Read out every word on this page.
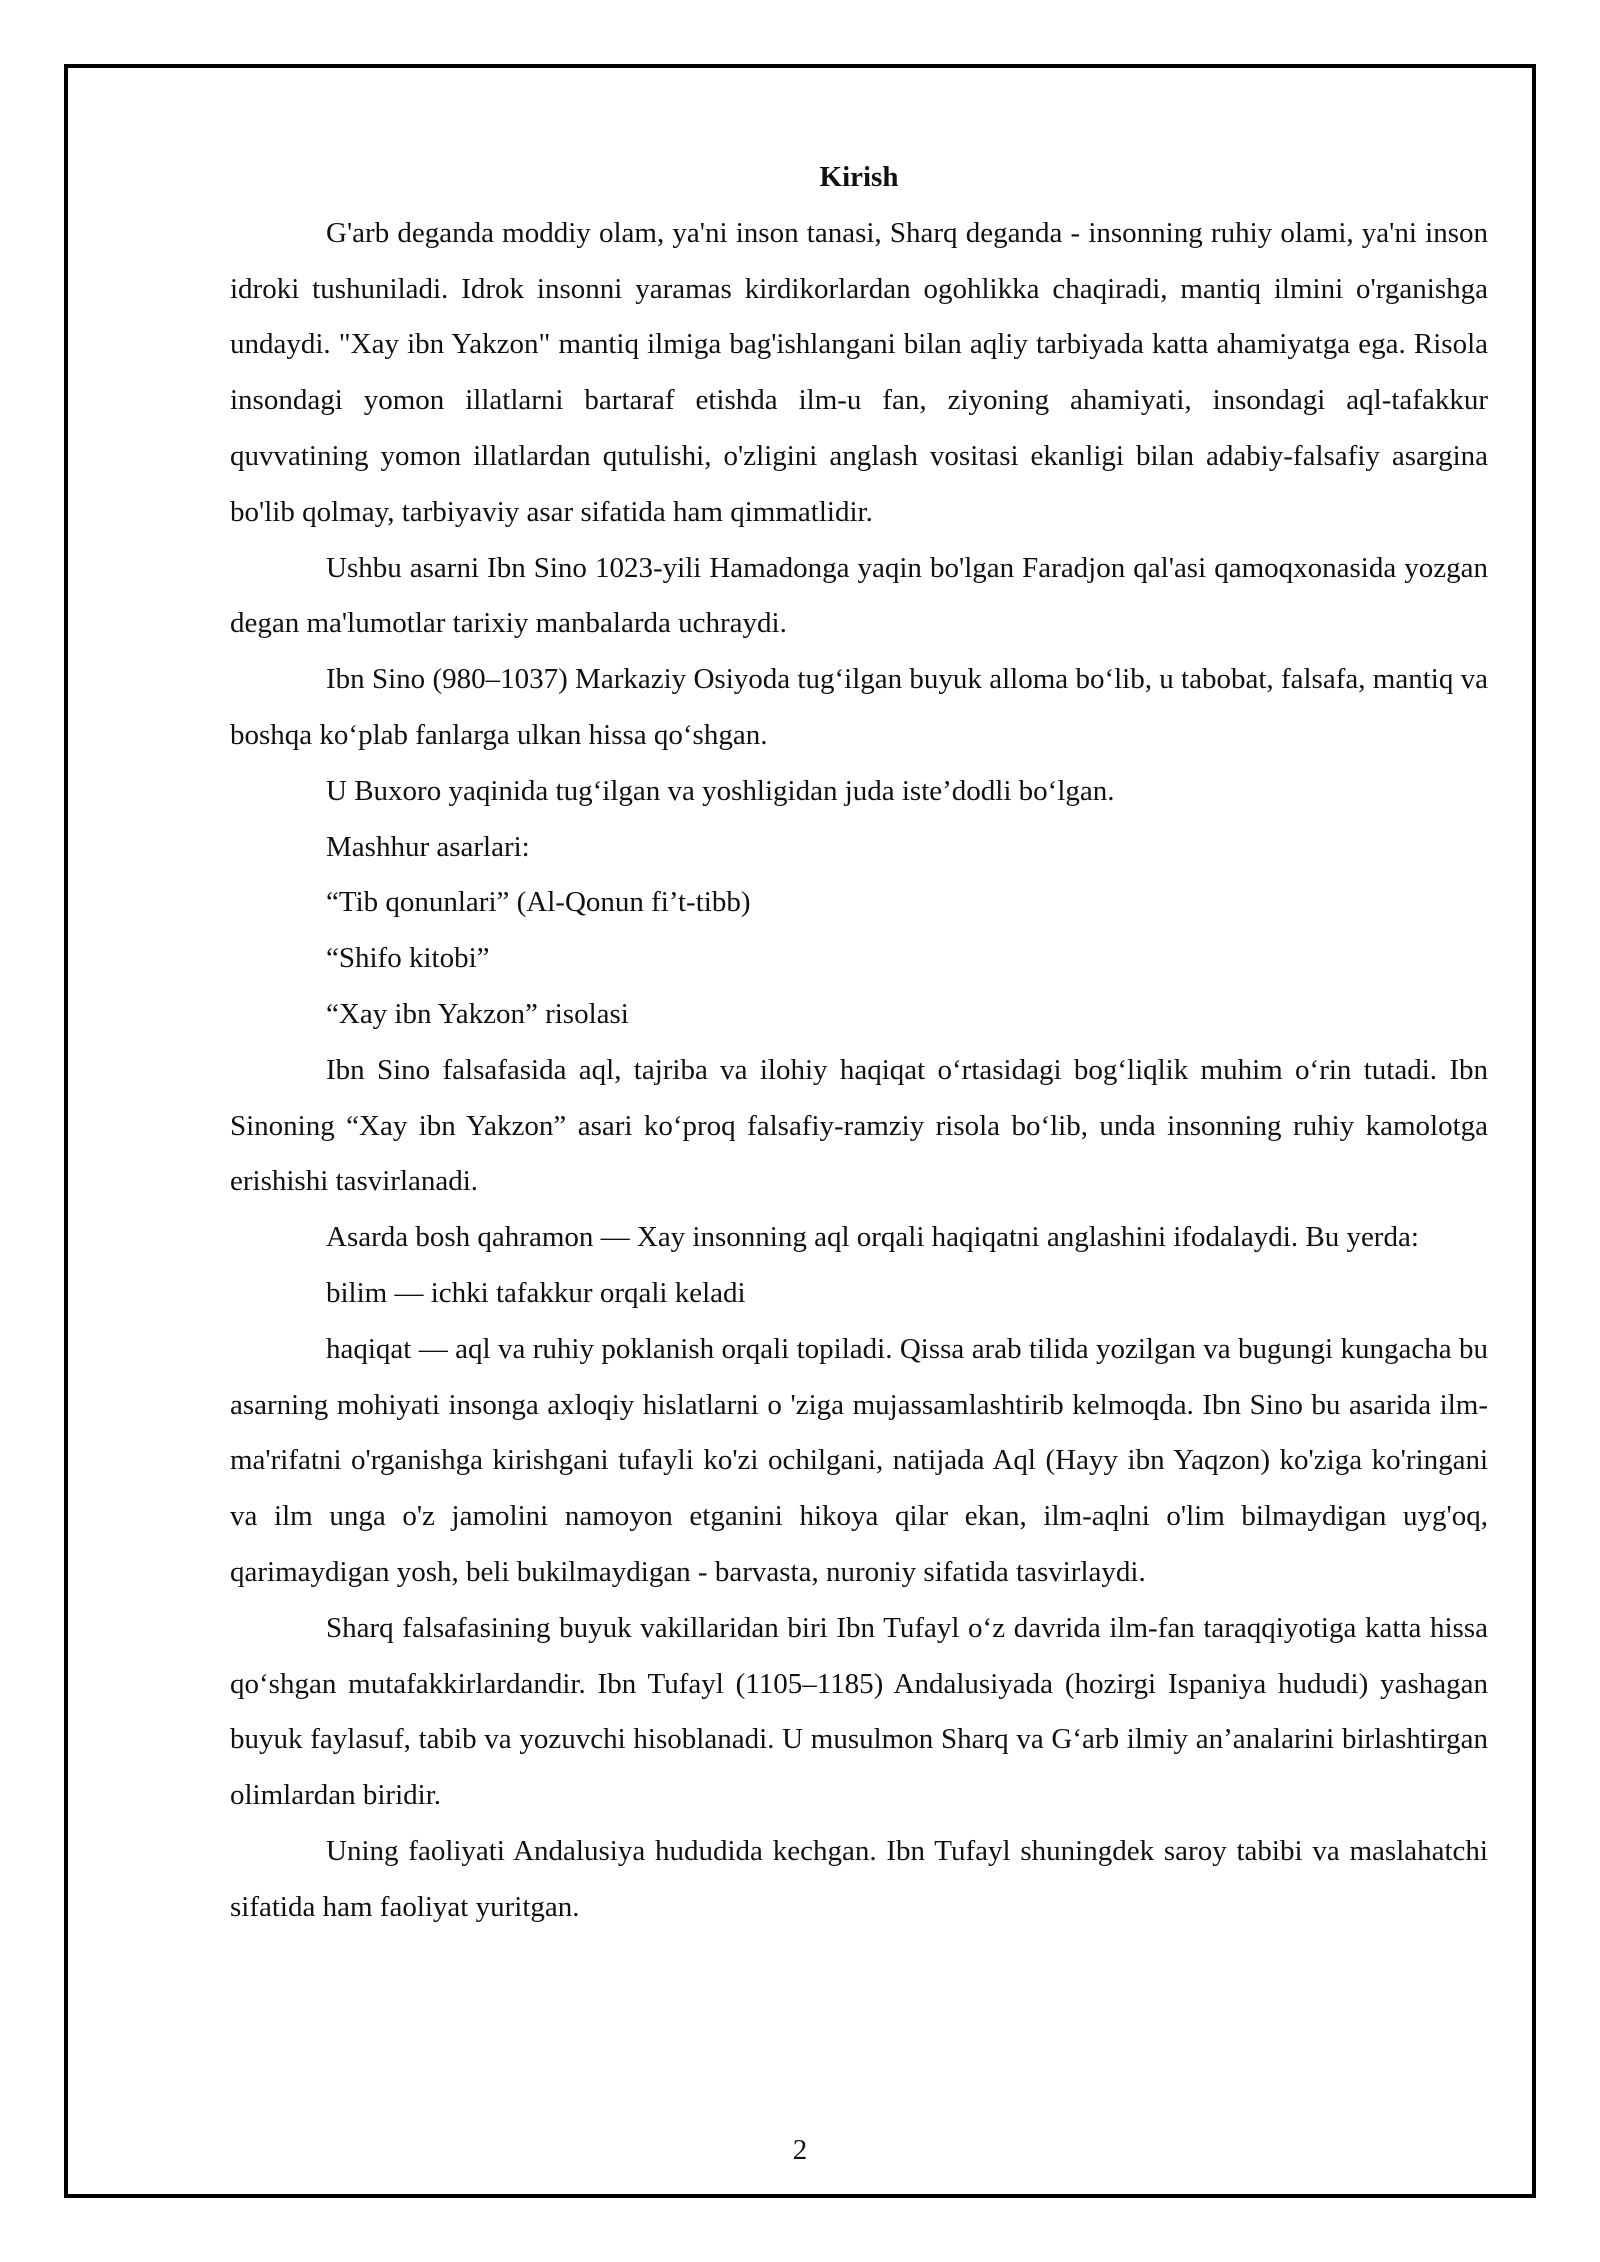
Kirish

G'arb deganda moddiy olam, ya'ni inson tanasi, Sharq deganda - insonning ruhiy olami, ya'ni inson idroki tushuniladi. Idrok insonni yaramas kirdikorlardan ogohlikka chaqiradi, mantiq ilmini o'rganishga undaydi. "Xay ibn Yakzon" mantiq ilmiga bag'ishlangani bilan aqliy tarbiyada katta ahamiyatga ega. Risola insondagi yomon illatlarni bartaraf etishda ilm-u fan, ziyoning ahamiyati, insondagi aql-tafakkur quvvatining yomon illatlardan qutulishi, o'zligini anglash vositasi ekanligi bilan adabiy-falsafiy asargina bo'lib qolmay, tarbiyaviy asar sifatida ham qimmatlidir.

Ushbu asarni Ibn Sino 1023-yili Hamadonga yaqin bo'lgan Faradjon qal'asi qamoqxonasida yozgan degan ma'lumotlar tarixiy manbalarda uchraydi.

Ibn Sino (980–1037) Markaziy Osiyoda tug‘ilgan buyuk alloma bo‘lib, u tabobat, falsafa, mantiq va boshqa ko‘plab fanlarga ulkan hissa qo‘shgan.

U Buxoro yaqinida tug‘ilgan va yoshligidan juda iste’dodli bo‘lgan.

Mashhur asarlari:

“Tib qonunlari” (Al-Qonun fi’t-tibb)

“Shifo kitobi”

“Xay ibn Yakzon” risolasi

Ibn Sino falsafasida aql, tajriba va ilohiy haqiqat o‘rtasidagi bog‘liqlik muhim o‘rin tutadi. Ibn Sinoning “Xay ibn Yakzon” asari ko‘proq falsafiy-ramziy risola bo‘lib, unda insonning ruhiy kamolotga erishishi tasvirlanadi.

Asarda bosh qahramon — Xay insonning aql orqali haqiqatni anglashini ifodalaydi. Bu yerda:

bilim — ichki tafakkur orqali keladi

haqiqat — aql va ruhiy poklanish orqali topiladi. Qissa arab tilida yozilgan va bugungi kungacha bu asarning mohiyati insonga axloqiy hislatlarni o 'ziga mujassamlashtirib kelmoqda. Ibn Sino bu asarida ilm-ma'rifatni o'rganishga kirishgani tufayli ko'zi ochilgani, natijada Aql (Hayy ibn Yaqzon) ko'ziga ko'ringani va ilm unga o'z jamolini namoyon etganini hikoya qilar ekan, ilm-aqlni o'lim bilmaydigan uyg'oq, qarimaydigan yosh, beli bukilmaydigan - barvasta, nuroniy sifatida tasvirlaydi.

Sharq falsafasining buyuk vakillaridan biri Ibn Tufayl o‘z davrida ilm-fan taraqqiyotiga katta hissa qo‘shgan mutafakkirlardandir. Ibn Tufayl (1105–1185) Andalusiyada (hozirgi Ispaniya hududi) yashagan buyuk faylasuf, tabib va yozuvchi hisoblanadi. U musulmon Sharq va G‘arb ilmiy an’analarini birlashtirgan olimlardan biridir.

Uning faoliyati Andalusiya hududida kechgan. Ibn Tufayl shuningdek saroy tabibi va maslahatchi sifatida ham faoliyat yuritgan.

2
